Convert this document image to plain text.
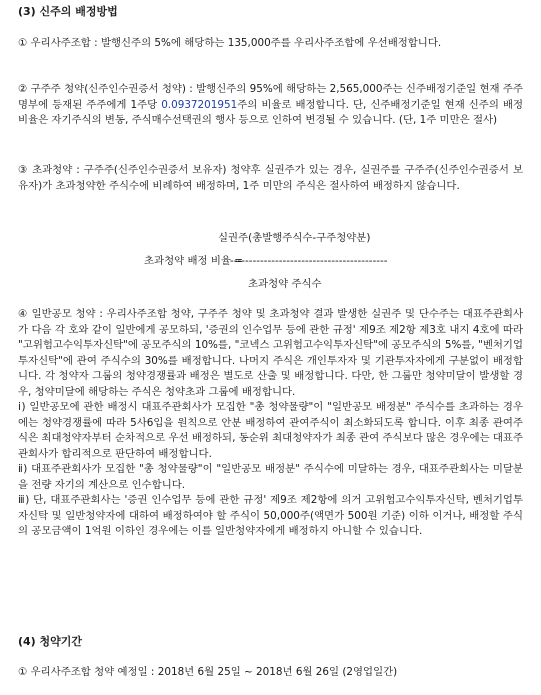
(3) 신주의 배정방법

① 우리사주조합 : 발행신주의 5%에 해당하는 135,000주를 우리사주조합에 우선배정합니다.

② 구주주 청약(신주인수권증서 청약) : 발행신주의 95%에 해당하는 2,565,000주는 신주배정기준일 현재 주주명부에 등재된 주주에게 1주당 0.0937201951주의 비율로 배정합니다. 단, 신주배정기준일 현재 신주의 배정비율은 자기주식의 변동, 주식매수선택권의 행사 등으로 인하여 변경될 수 있습니다. (단, 1주 미만은 절사)

③ 초과청약 : 구주주(신주인수권증서 보유자) 청약후 실권주가 있는 경우, 실권주를 구주주(신주인수권증서 보유자)가 초과청약한 주식수에 비례하여 배정하며, 1주 미만의 주식은 절사하여 배정하지 않습니다.

실권주(총발행주식수-구주청약분)
초과청약 배정 비율 =
------------------------------------------
초과청약 주식수

④ 일반공모 청약 : 우리사주조합 청약, 구주주 청약 및 초과청약 결과 발생한 실권주 및 단수주는 대표주관회사가 다음 각 호와 같이 일반에게 공모하되, '증권의 인수업무 등에 관한 규정' 제9조 제2항 제3호 내지 4호에 따라 "고위험고수익투자신탁"에 공모주식의 10%를, "코넥스 고위험고수익투자신탁"에 공모주식의 5%를, "벤처기업투자신탁"에 관여 주식수의 30%를 배정합니다. 나머지 주식은 개인투자자 및 기관투자자에게 구분없이 배정합니다. 각 청약자 그룹의 청약경쟁률과 배정은 별도로 산출 및 배정합니다. 다만, 한 그룹만 청약미달이 발생할 경우, 청약미달에 해당하는 주식은 청약초과 그룹에 배정합니다.

ⅰ) 일반공모에 관한 배정시 대표주관회사가 모집한 "총 청약물량"이 "일반공모 배정분" 주식수를 초과하는 경우에는 청약경쟁률에 따라 5사6입을 원칙으로 안분 배정하여 관여주식이 최소화되도록 합니다. 이후 최종 관여주식은 최대청약자부터 순차적으로 우선 배정하되, 동순위 최대청약자가 최종 관여 주식보다 많은 경우에는 대표주관회사가 합리적으로 판단하여 배정합니다.

ⅱ) 대표주관회사가 모집한 "총 청약물량"이 "일반공모 배정분" 주식수에 미달하는 경우, 대표주관회사는 미달분을 전량 자기의 계산으로 인수합니다.

ⅲ) 단, 대표주관회사는 '증권 인수업무 등에 관한 규정' 제9조 제2항에 의거 고위험고수익투자신탁, 벤처기업투자신탁 및 일반청약자에 대하여 배정하여야 할 주식이 50,000주(액면가 500원 기준) 이하 이거나, 배정할 주식의 공모금액이 1억원 이하인 경우에는 이를 일반청약자에게 배정하지 아니할 수 있습니다.

(4) 청약기간

① 우리사주조합 청약 예정일 : 2018년 6월 25일 ~ 2018년 6월 26일 (2영업일간)
